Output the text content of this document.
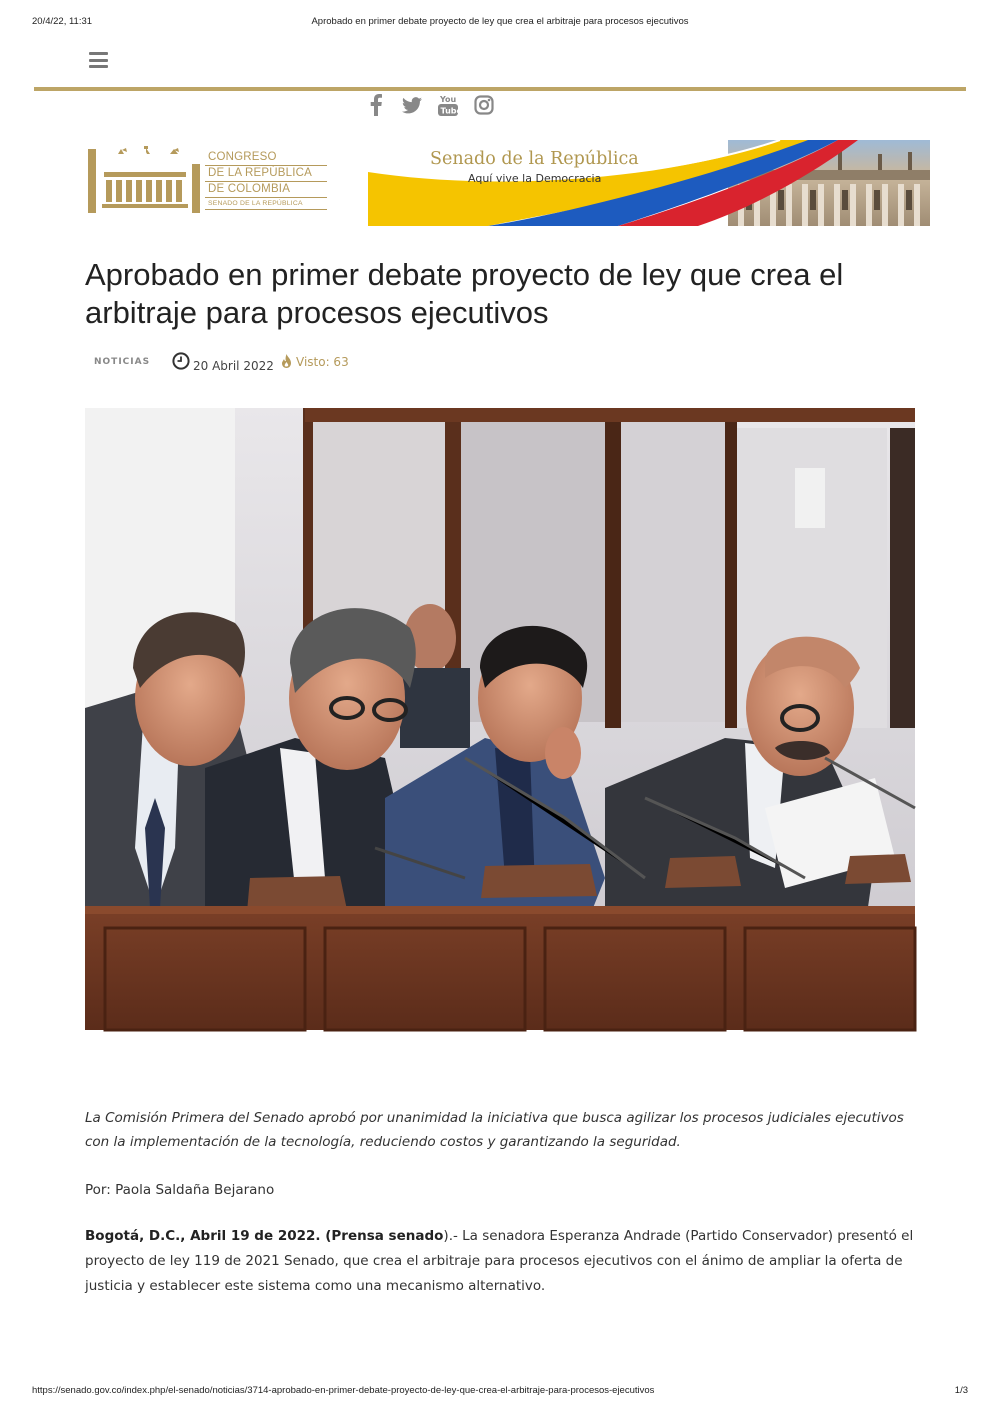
20/4/22, 11:31	Aprobado en primer debate proyecto de ley que crea el arbitraje para procesos ejecutivos
You
Tube
CONGRESO
DE LA REPÚBLICA
DE COLOMBIA
SENADO DE LA REPÚBLICA
Senado de la República
Aquí vive la Democracia
Aprobado en primer debate proyecto de ley que crea el arbitraje para procesos ejecutivos
NOTICIAS	20 Abril 2022 Visto: 63

La Comisión Primera del Senado aprobó por unanimidad la iniciativa que busca agilizar los procesos judiciales ejecutivos con la implementación de la tecnología, reduciendo costos y garantizando la seguridad.

Por: Paola Saldaña Bejarano

Bogotá, D.C., Abril 19 de 2022. (Prensa senado).- La senadora Esperanza Andrade (Partido Conservador) presentó el proyecto de ley 119 de 2021 Senado, que crea el arbitraje para procesos ejecutivos con el ánimo de ampliar la oferta de justicia y establecer este sistema como una mecanismo alternativo.

https://senado.gov.co/index.php/el-senado/noticias/3714-aprobado-en-primer-debate-proyecto-de-ley-que-crea-el-arbitraje-para-procesos-ejecutivos	1/3
